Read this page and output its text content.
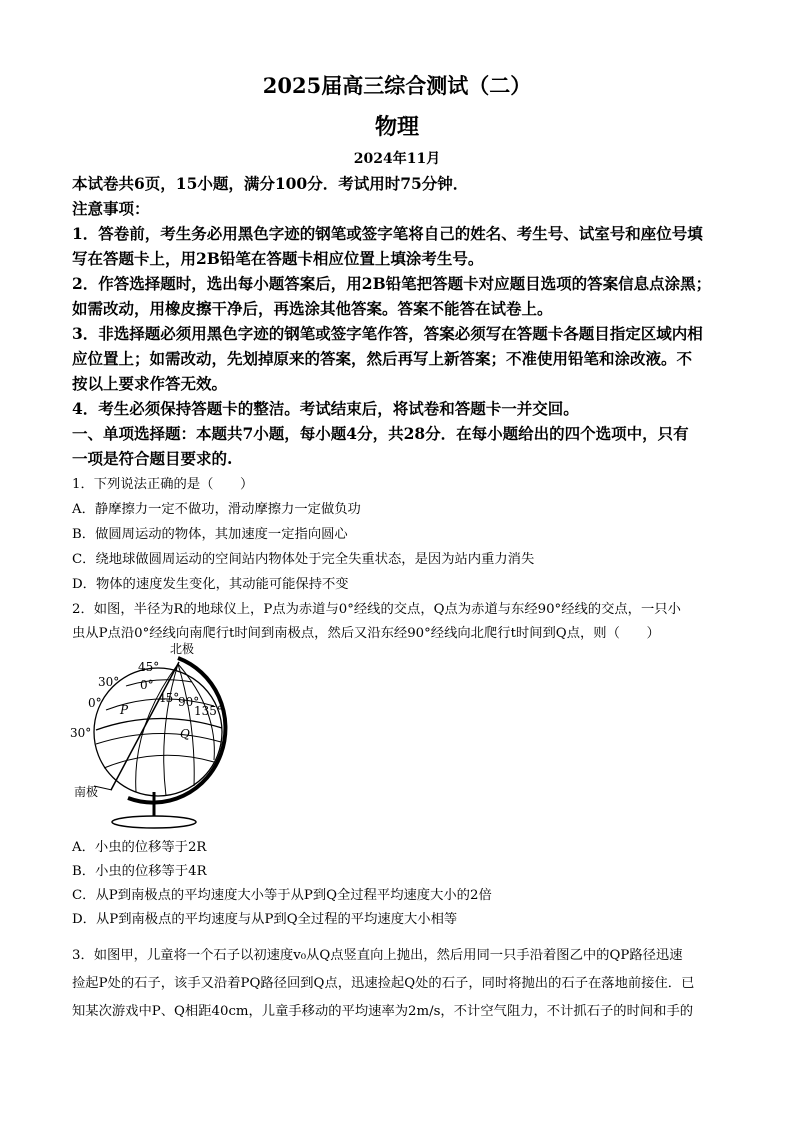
2025届高三综合测试（二）
物理
2024年11月
本试卷共6页，15小题，满分100分．考试用时75分钟．
注意事项：
1．答卷前，考生务必用黑色字迹的钢笔或签字笔将自己的姓名、考生号、试室号和座位号填
写在答题卡上，用2B铅笔在答题卡相应位置上填涂考生号。
2．作答选择题时，选出每小题答案后，用2B铅笔把答题卡对应题目选项的答案信息点涂黑；
如需改动，用橡皮擦干净后，再选涂其他答案。答案不能答在试卷上。
3．非选择题必须用黑色字迹的钢笔或签字笔作答，答案必须写在答题卡各题目指定区域内相
应位置上；如需改动，先划掉原来的答案，然后再写上新答案；不准使用铅笔和涂改液。不
按以上要求作答无效。
4．考生必须保持答题卡的整洁。考试结束后，将试卷和答题卡一并交回。
一、单项选择题：本题共7小题，每小题4分，共28分．在每小题给出的四个选项中，只有
一项是符合题目要求的.
1．下列说法正确的是（　　）
A．静摩擦力一定不做功，滑动摩擦力一定做负功
B．做圆周运动的物体，其加速度一定指向圆心
C．绕地球做圆周运动的空间站内物体处于完全失重状态，是因为站内重力消失
D．物体的速度发生变化，其动能可能保持不变
2．如图，半径为R的地球仪上，P点为赤道与0°经线的交点，Q点为赤道与东经90°经线的交点，一只小
虫从P点沿0°经线向南爬行t时间到南极点，然后又沿东经90°经线向北爬行t时间到Q点，则（　　）
北极
南极
45°
30° 0°
0°	45°
90°
135°
30°
P
Q
A．小虫的位移等于2R
B．小虫的位移等于4R
C．从P到南极点的平均速度大小等于从P到Q全过程平均速度大小的2倍
D．从P到南极点的平均速度与从P到Q全过程的平均速度大小相等
3．如图甲，儿童将一个石子以初速度v₀从Q点竖直向上抛出，然后用同一只手沿着图乙中的QP路径迅速
捡起P处的石子，该手又沿着PQ路径回到Q点，迅速捡起Q处的石子，同时将抛出的石子在落地前接住．已
知某次游戏中P、Q相距40cm，儿童手移动的平均速率为2m/s，不计空气阻力，不计抓石子的时间和手的
